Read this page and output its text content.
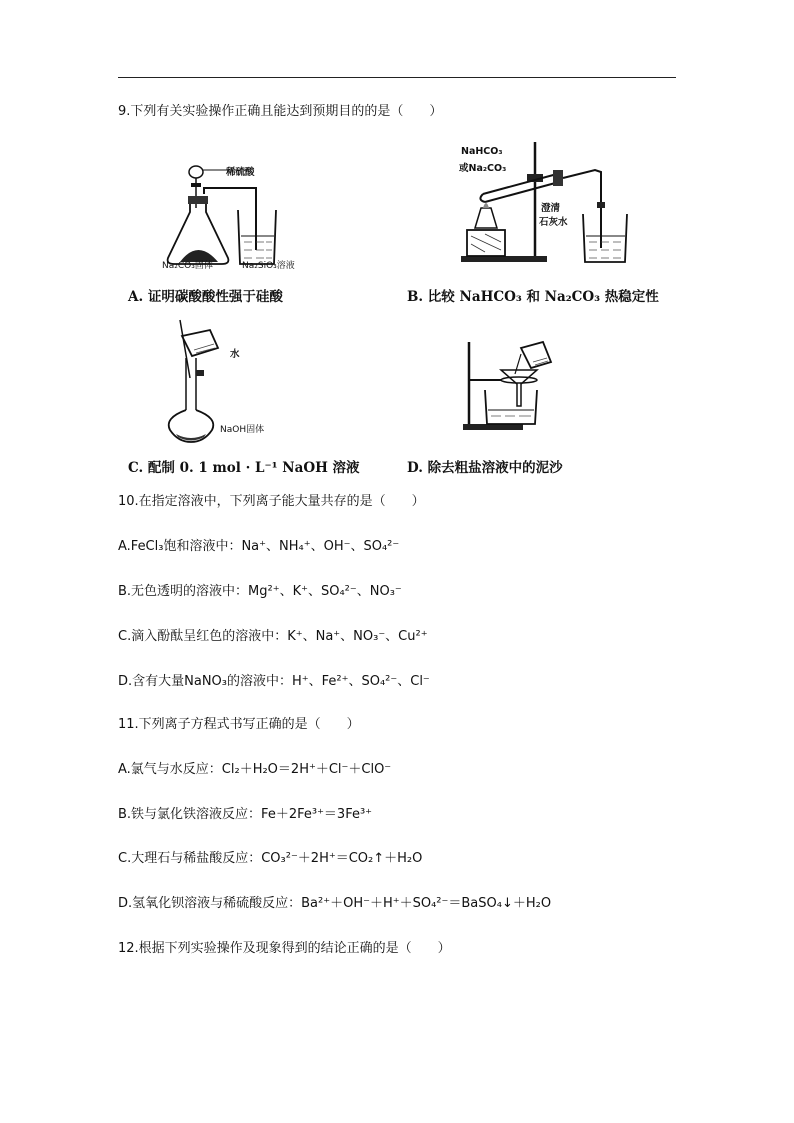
9.下列有关实验操作正确且能达到预期目的的是（　　）
稀硫酸
Na₂CO₃固体	Na₂SiO₃溶液
A. 证明碳酸酸性强于硅酸
NaHCO₃
或Na₂CO₃
澄清
石灰水
B. 比较 NaHCO₃ 和 Na₂CO₃ 热稳定性
水
NaOH固体
C. 配制 0. 1 mol · L⁻¹ NaOH 溶液	D. 除去粗盐溶液中的泥沙
10.在指定溶液中，下列离子能大量共存的是（　　）
A.FeCl₃饱和溶液中：Na⁺、NH₄⁺、OH⁻、SO₄²⁻
B.无色透明的溶液中：Mg²⁺、K⁺、SO₄²⁻、NO₃⁻
C.滴入酚酞呈红色的溶液中：K⁺、Na⁺、NO₃⁻、Cu²⁺
D.含有大量NaNO₃的溶液中：H⁺、Fe²⁺、SO₄²⁻、Cl⁻
11.下列离子方程式书写正确的是（　　）
A.氯气与水反应：Cl₂＋H₂O＝2H⁺＋Cl⁻＋ClO⁻
B.铁与氯化铁溶液反应：Fe＋2Fe³⁺＝3Fe³⁺
C.大理石与稀盐酸反应：CO₃²⁻＋2H⁺＝CO₂↑＋H₂O
D.氢氧化钡溶液与稀硫酸反应：Ba²⁺＋OH⁻＋H⁺＋SO₄²⁻＝BaSO₄↓＋H₂O
12.根据下列实验操作及现象得到的结论正确的是（　　）
